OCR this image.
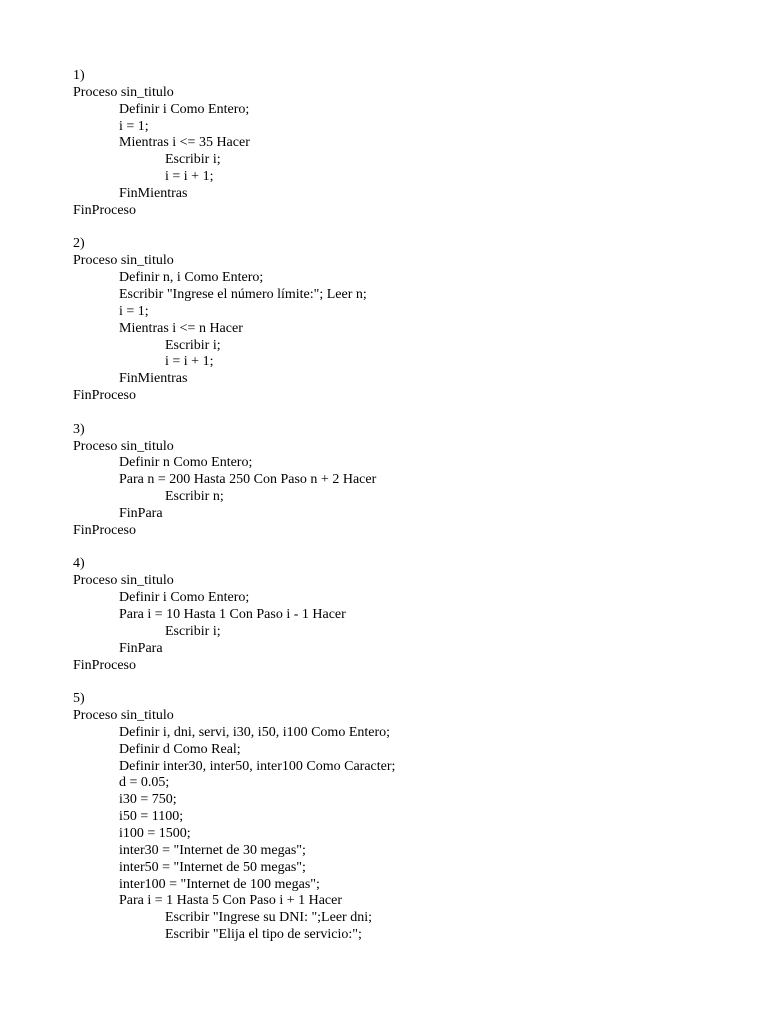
1)
Proceso sin_titulo
Definir i Como Entero;
i = 1;
Mientras i <= 35 Hacer
Escribir i;
i = i + 1;
FinMientras
FinProceso
2)
Proceso sin_titulo
Definir n, i Como Entero;
Escribir "Ingrese el número límite:"; Leer n;
i = 1;
Mientras i <= n Hacer
Escribir i;
i = i + 1;
FinMientras
FinProceso
3)
Proceso sin_titulo
Definir n Como Entero;
Para n = 200 Hasta 250 Con Paso n + 2 Hacer
Escribir n;
FinPara
FinProceso
4)
Proceso sin_titulo
Definir i Como Entero;
Para i = 10 Hasta 1 Con Paso i - 1 Hacer
Escribir i;
FinPara
FinProceso
5)
Proceso sin_titulo
Definir i, dni, servi, i30, i50, i100 Como Entero;
Definir d Como Real;
Definir inter30, inter50, inter100 Como Caracter;
d = 0.05;
i30 = 750;
i50 = 1100;
i100 = 1500;
inter30 = "Internet de 30 megas";
inter50 = "Internet de 50 megas";
inter100 = "Internet de 100 megas";
Para i = 1 Hasta 5 Con Paso i + 1 Hacer
Escribir "Ingrese su DNI: ";Leer dni;
Escribir "Elija el tipo de servicio:";
